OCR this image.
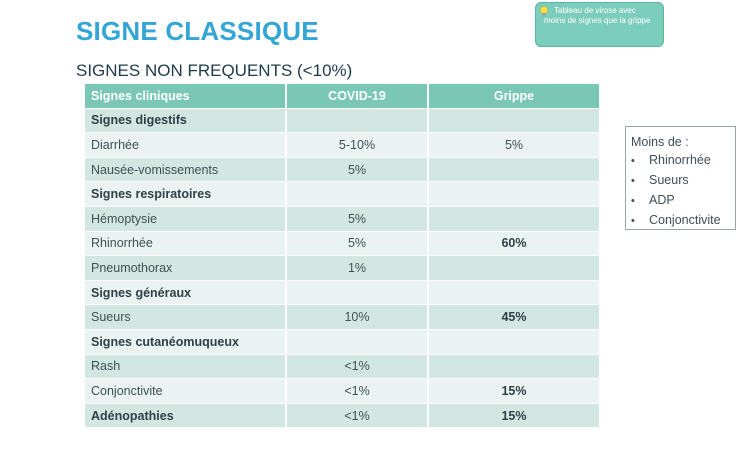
SIGNE CLASSIQUE
SIGNES NON FREQUENTS (<10%)
Tableau de virose avec moins de signes que la grippe
Signes cliniques	COVID-19	Grippe
Signes digestifs		
Diarrhée	5-10%	5%
Nausée-vomissements	5%	
Signes respiratoires		
Hémoptysie	5%	
Rhinorrhée	5%	60%
Pneumothorax	1%	
Signes généraux		
Sueurs	10%	45%
Signes cutanéomuqueux		
Rash	<1%	
Conjonctivite	<1%	15%
Adénopathies	<1%	15%
Moins de :
• Rhinorrhée
• Sueurs
• ADP
• Conjonctivite
